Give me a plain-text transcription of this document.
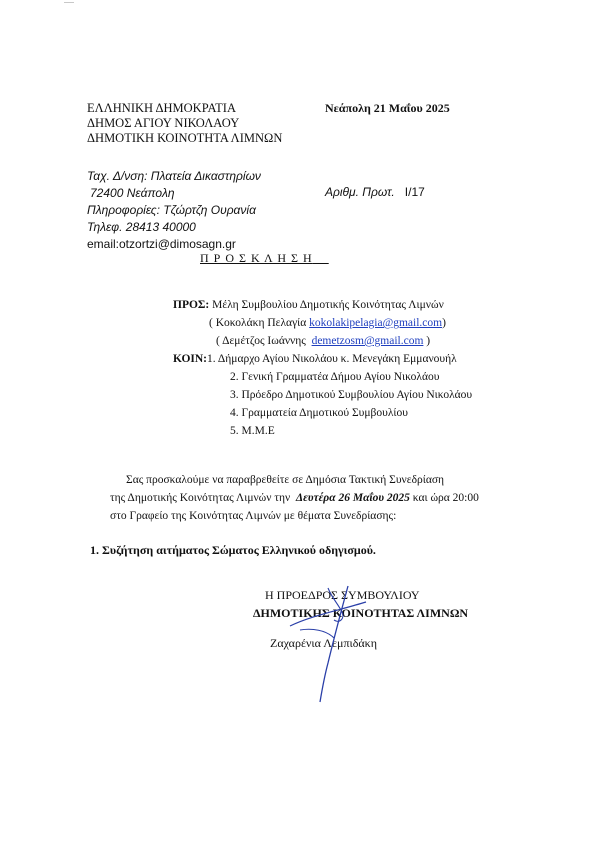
ΕΛΛΗΝΙΚΗ ΔΗΜΟΚΡΑΤΙΑ
ΔΗΜΟΣ ΑΓΙΟΥ ΝΙΚΟΛΑΟΥ
ΔΗΜΟΤΙΚΗ ΚΟΙΝΟΤΗΤΑ ΛΙΜΝΩΝ
Νεάπολη 21 Μαΐου 2025
Ταχ. Δ/νση: Πλατεία Δικαστηρίων
72400 Νεάπολη
Πληροφορίες: Τζώρτζη Ουρανία
Τηλεφ. 28413 40000
email:otzortzi@dimosagn.gr
Αριθμ. Πρωτ. Ι/17
Π Ρ Ο Σ Κ Λ Η Σ Η
ΠΡΟΣ: Μέλη Συμβουλίου Δημοτικής Κοινότητας Λιμνών
( Κοκολάκη Πελαγία kokolakipelagia@gmail.com)
( Δεμέτζος Ιωάννης demetzosm@gmail.com )
ΚΟΙΝ:1. Δήμαρχο Αγίου Νικολάου κ. Μενεγάκη Εμμανουήλ
2. Γενική Γραμματέα Δήμου Αγίου Νικολάου
3. Πρόεδρο Δημοτικού Συμβουλίου Αγίου Νικολάου
4. Γραμματεία Δημοτικού Συμβουλίου
5. Μ.Μ.Ε
Σας προσκαλούμε να παραβρεθείτε σε Δημόσια Τακτική Συνεδρίαση
της Δημοτικής Κοινότητας Λιμνών την Δευτέρα 26 Μαΐου 2025 και ώρα 20:00
στο Γραφείο της Κοινότητας Λιμνών με θέματα Συνεδρίασης:
1. Συζήτηση αιτήματος Σώματος Ελληνικού οδηγισμού.
Η ΠΡΟΕΔΡΟΣ ΣΥΜΒΟΥΛΙΟΥ
ΔΗΜΟΤΙΚΗΣ ΚΟΙΝΟΤΗΤΑΣ ΛΙΜΝΩΝ
Ζαχαρένια Λεμπιδάκη
